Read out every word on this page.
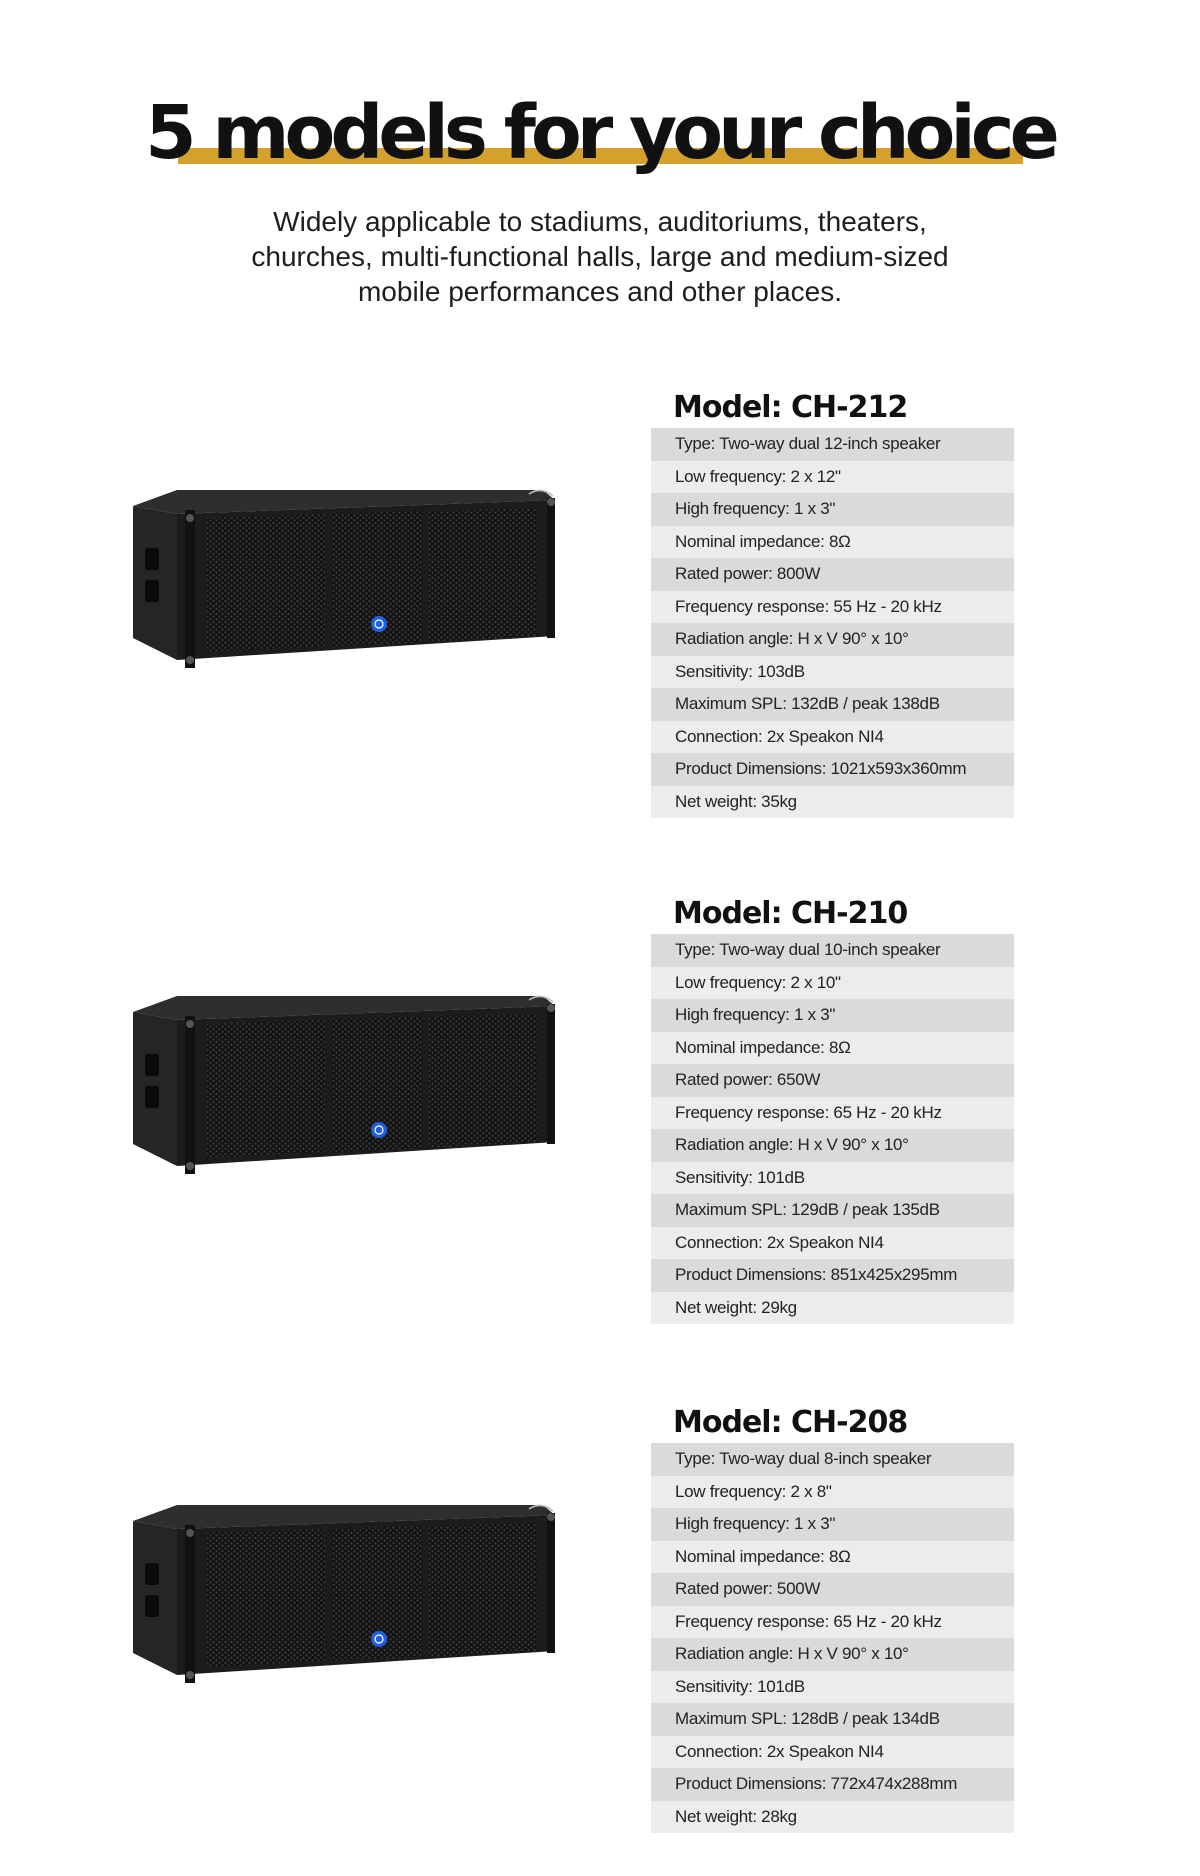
5 models for your choice
Widely applicable to stadiums, auditoriums, theaters,
churches, multi-functional halls, large and medium-sized
mobile performances and other places.
Model: CH-212
Type: Two-way dual 12-inch speaker
Low frequency: 2 x 12"
High frequency: 1 x 3"
Nominal impedance: 8Ω
Rated power: 800W
Frequency response: 55 Hz - 20 kHz
Radiation angle: H x V 90° x 10°
Sensitivity: 103dB
Maximum SPL: 132dB / peak 138dB
Connection: 2x Speakon NI4
Product Dimensions: 1021x593x360mm
Net weight: 35kg
Model: CH-210
Type: Two-way dual 10-inch speaker
Low frequency: 2 x 10"
High frequency: 1 x 3"
Nominal impedance: 8Ω
Rated power: 650W
Frequency response: 65 Hz - 20 kHz
Radiation angle: H x V 90° x 10°
Sensitivity: 101dB
Maximum SPL: 129dB / peak 135dB
Connection: 2x Speakon NI4
Product Dimensions: 851x425x295mm
Net weight: 29kg
Model: CH-208
Type: Two-way dual 8-inch speaker
Low frequency: 2 x 8"
High frequency: 1 x 3"
Nominal impedance: 8Ω
Rated power: 500W
Frequency response: 65 Hz - 20 kHz
Radiation angle: H x V 90° x 10°
Sensitivity: 101dB
Maximum SPL: 128dB / peak 134dB
Connection: 2x Speakon NI4
Product Dimensions: 772x474x288mm
Net weight: 28kg
